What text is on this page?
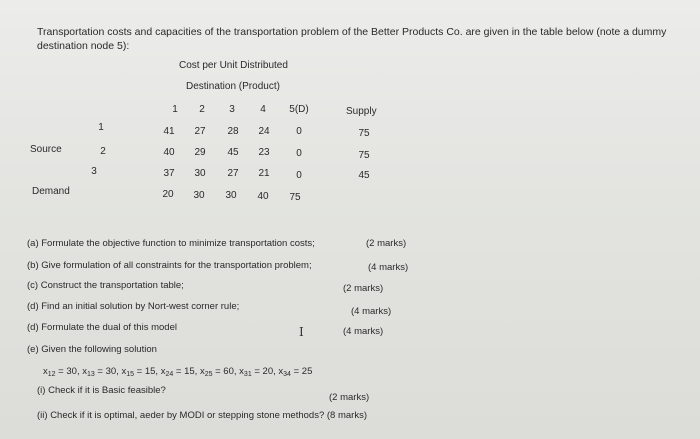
Transportation costs and capacities of the transportation problem of the Better Products Co. are given in the table below (note a dummy
destination node 5):
Cost per Unit Distributed
Destination (Product)
1	2	3	4	5(D)	Supply
Source
1	41	27	28	24	0	75
2	40	29	45	23	0	75
3	37	30	27	21	0	45
Demand	20	30	30	40	75
(a) Formulate the objective function to minimize transportation costs;	(2 marks)
(b) Give formulation of all constraints for the transportation problem;	(4 marks)
(c) Construct the transportation table;	(2 marks)
(d) Find an initial solution by Nort-west corner rule;	(4 marks)
(d) Formulate the dual of this model	I	(4 marks)
(e) Given the following solution
$x_{12} = 30$, $x_{13} = 30$, $x_{15} = 15$, $x_{24} = 15$, $x_{25} = 60$, $x_{31} = 20$, $x_{34} = 25$
(i) Check if it is Basic feasible?
(2 marks)
(ii) Check if it is optimal, aeder by MODI or stepping stone methods? (8 marks)
